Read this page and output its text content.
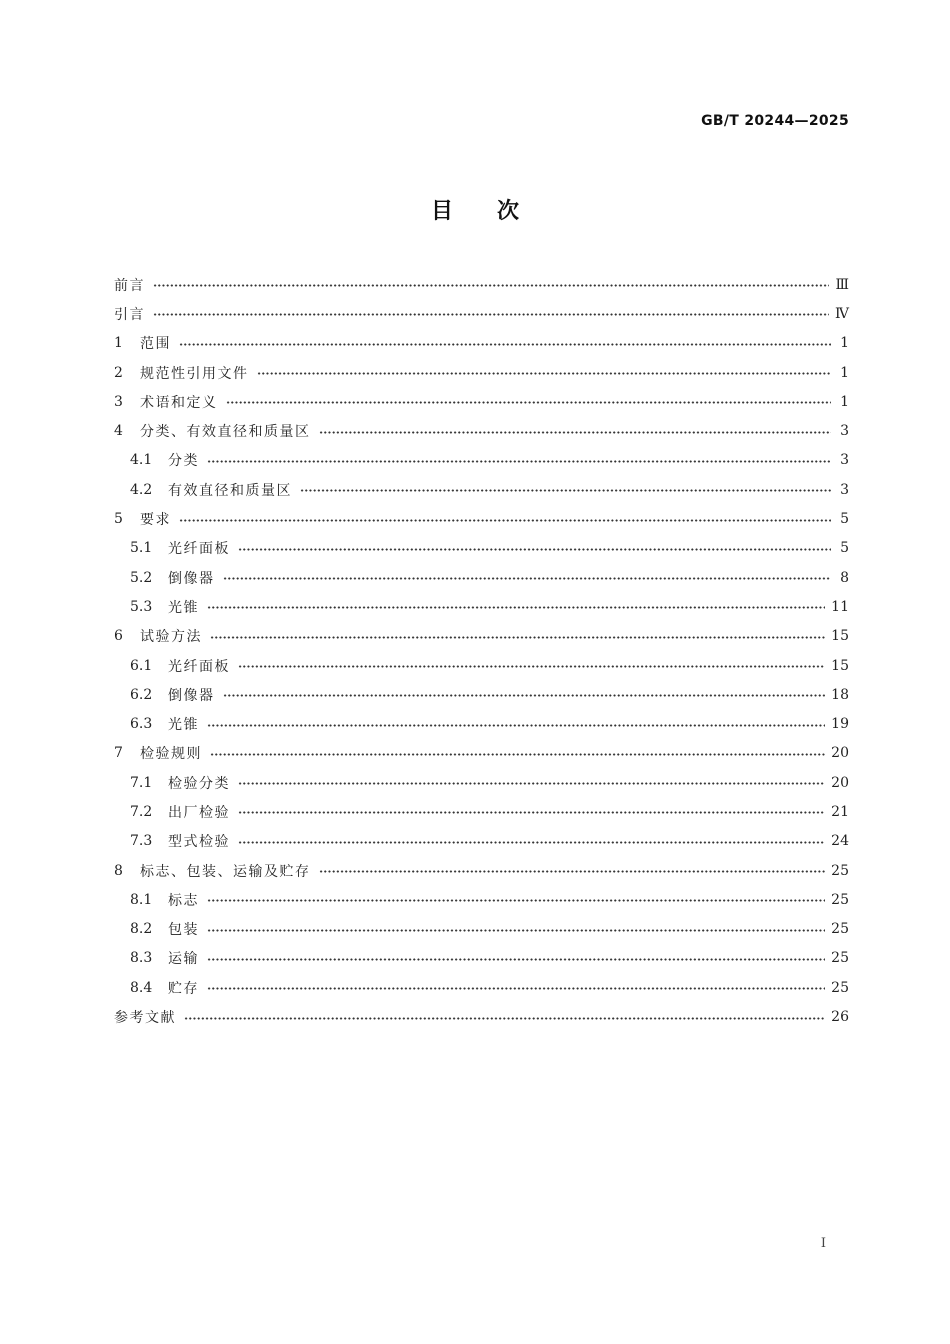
GB/T 20244—2025
目次
前言	Ⅲ
引言	Ⅳ
1	范围	1
2	规范性引用文件	1
3	术语和定义	1
4	分类、有效直径和质量区	3
4.1	分类	3
4.2	有效直径和质量区	3
5	要求	5
5.1	光纤面板	5
5.2	倒像器	8
5.3	光锥	11
6	试验方法	15
6.1	光纤面板	15
6.2	倒像器	18
6.3	光锥	19
7	检验规则	20
7.1	检验分类	20
7.2	出厂检验	21
7.3	型式检验	24
8	标志、包装、运输及贮存	25
8.1	标志	25
8.2	包装	25
8.3	运输	25
8.4	贮存	25
参考文献	26
I
